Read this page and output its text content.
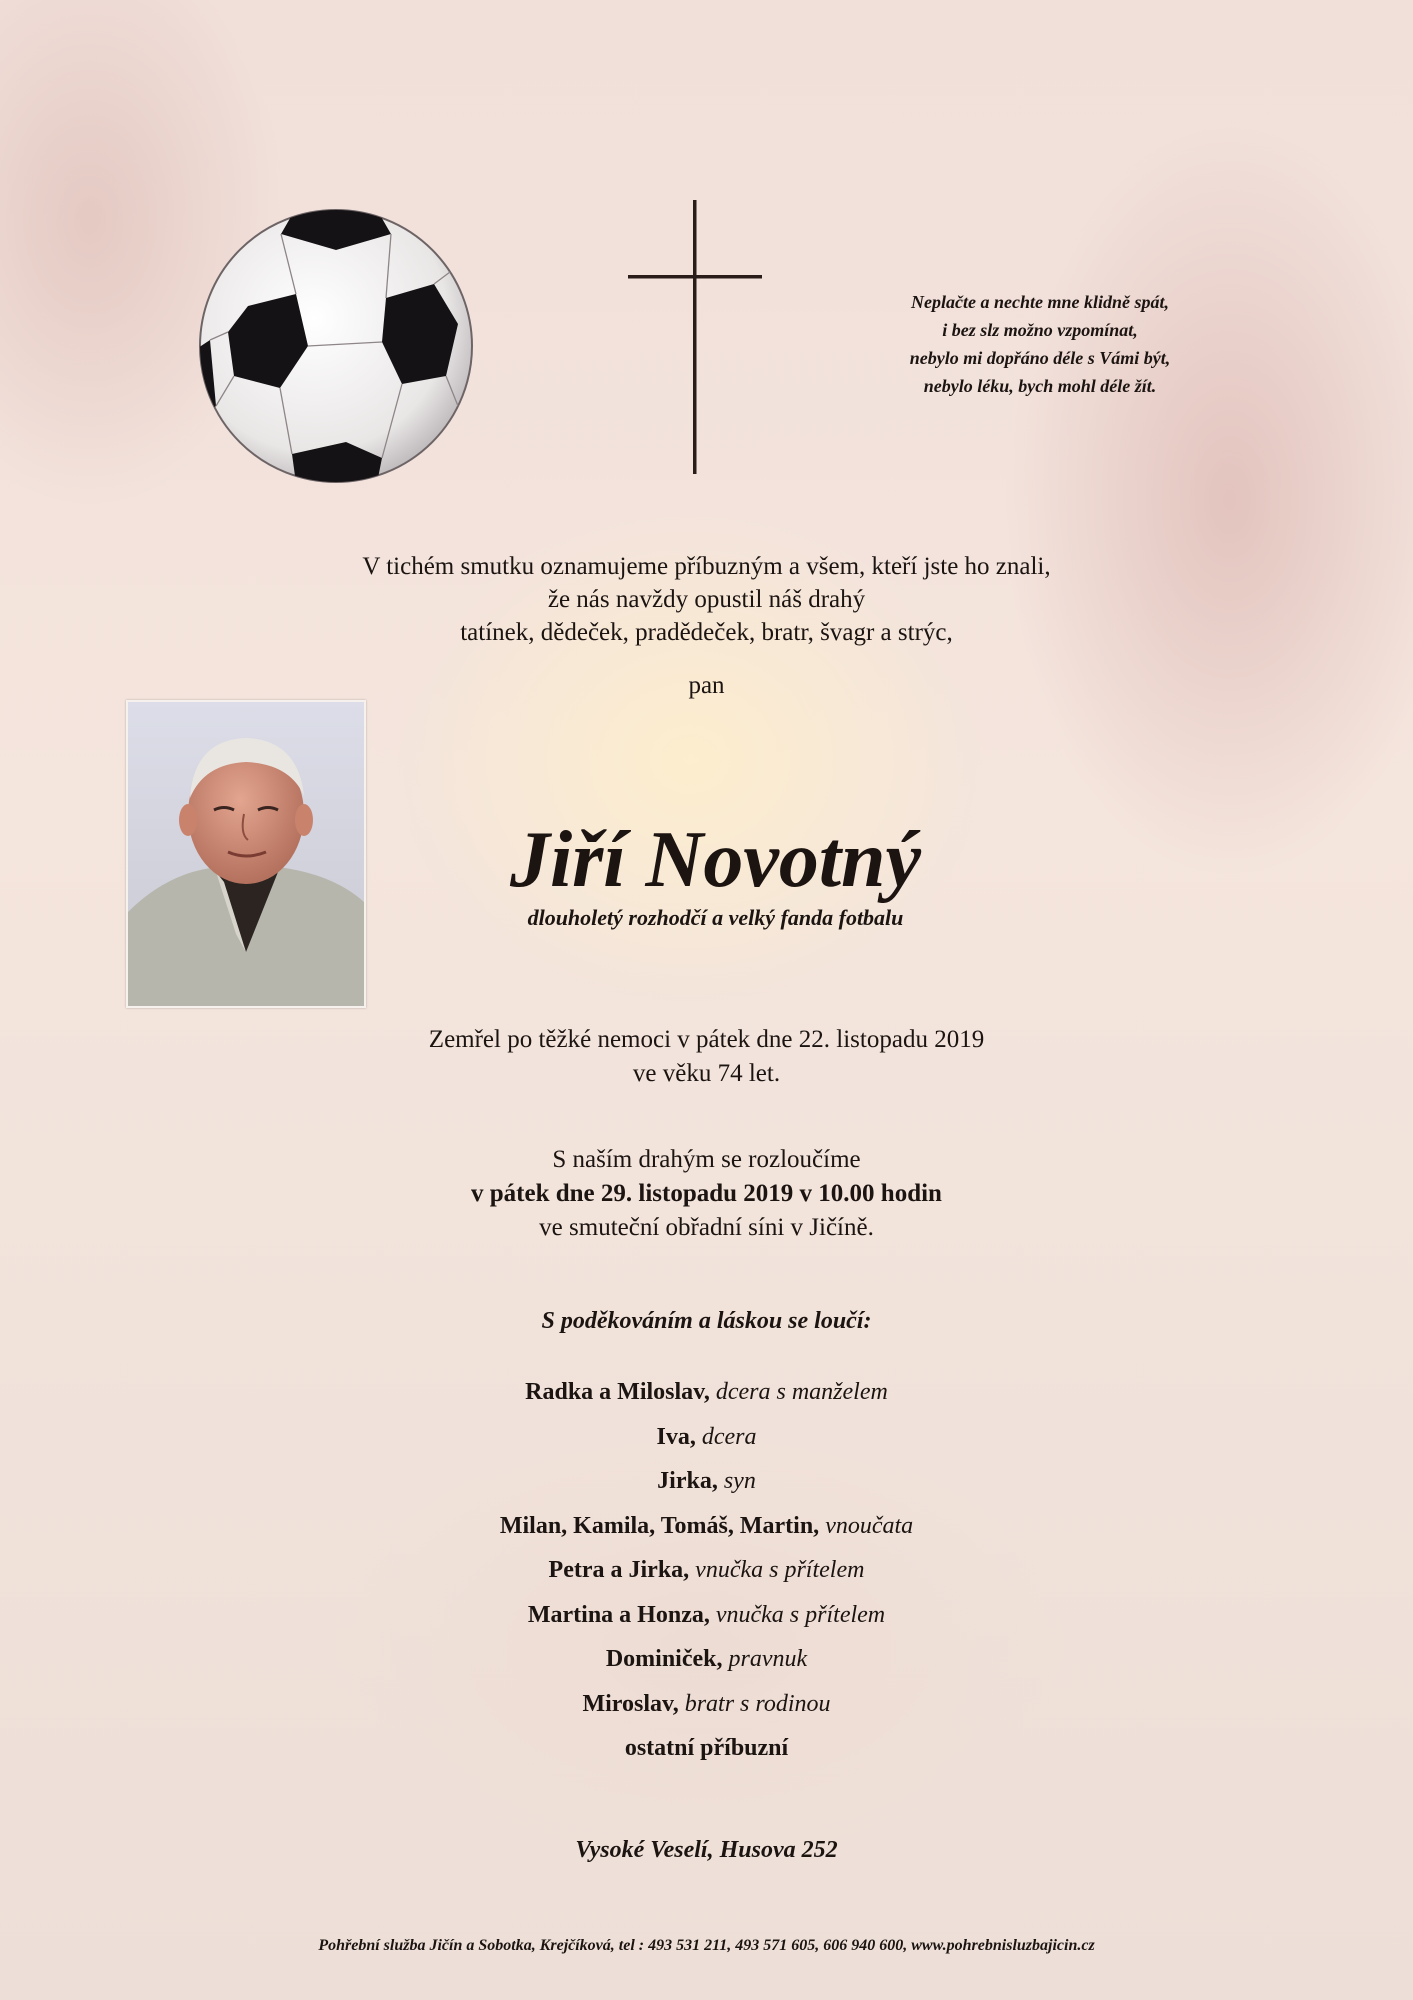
Neplačte a nechte mne klidně spát,
i bez slz možno vzpomínat,
nebylo mi dopřáno déle s Vámi být,
nebylo léku, bych mohl déle žít.
V tichém smutku oznamujeme příbuzným a všem, kteří jste ho znali,
že nás navždy opustil náš drahý
tatínek, dědeček, pradědeček, bratr, švagr a strýc,
pan
Jiří Novotný
dlouholetý rozhodčí a velký fanda fotbalu
Zemřel po těžké nemoci v pátek dne 22. listopadu 2019
ve věku 74 let.
S naším drahým se rozloučíme
v pátek dne 29. listopadu 2019 v 10.00 hodin
ve smuteční obřadní síni v Jičíně.
S poděkováním a láskou se loučí:
Radka a Miloslav, dcera s manželem
Iva, dcera
Jirka, syn
Milan, Kamila, Tomáš, Martin, vnoučata
Petra a Jirka, vnučka s přítelem
Martina a Honza, vnučka s přítelem
Dominiček, pravnuk
Miroslav, bratr s rodinou
ostatní příbuzní
Vysoké Veselí, Husova 252
Pohřební služba Jičín a Sobotka, Krejčíková, tel : 493 531 211, 493 571 605, 606 940 600, www.pohrebnisluzbajicin.cz
